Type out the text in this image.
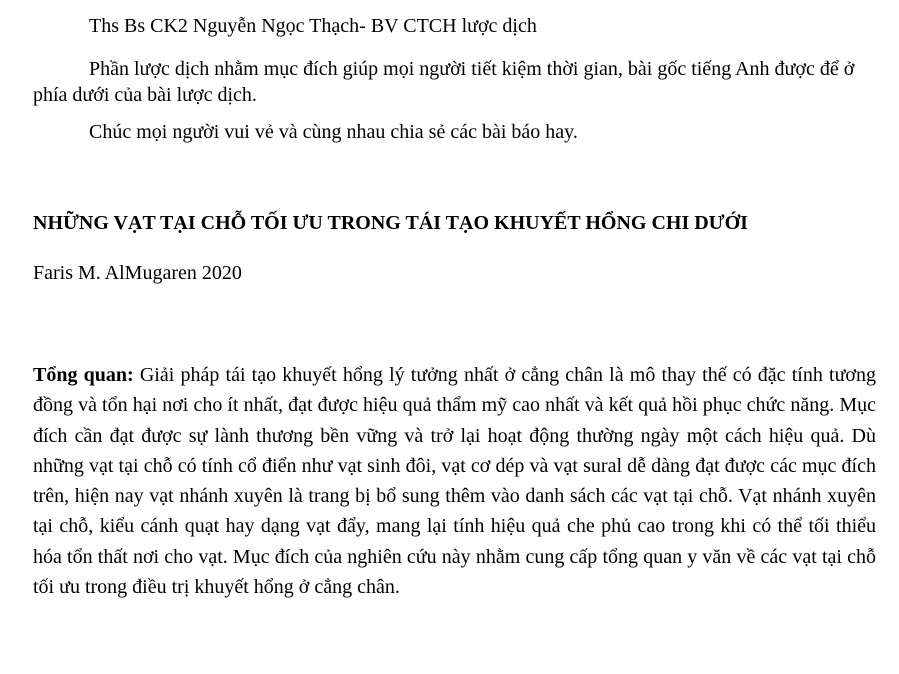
Ths Bs CK2 Nguyễn Ngọc Thạch- BV CTCH lược dịch

Phần lược dịch nhằm mục đích giúp mọi người tiết kiệm thời gian, bài gốc tiếng Anh được để ở phía dưới của bài lược dịch.

Chúc mọi người vui vẻ và cùng nhau chia sẻ các bài báo hay.

NHỮNG VẠT TẠI CHỖ TỐI ƯU TRONG TÁI TẠO KHUYẾT HỔNG CHI DƯỚI

Faris M. AlMugaren 2020

Tổng quan: Giải pháp tái tạo khuyết hổng lý tưởng nhất ở cẳng chân là mô thay thế có đặc tính tương đồng và tổn hại nơi cho ít nhất, đạt được hiệu quả thẩm mỹ cao nhất và kết quả hồi phục chức năng. Mục đích cần đạt được sự lành thương bền vững và trở lại hoạt động thường ngày một cách hiệu quả. Dù những vạt tại chỗ có tính cổ điển như vạt sinh đôi, vạt cơ dép và vạt sural dễ dàng đạt được các mục đích trên, hiện nay vạt nhánh xuyên là trang bị bổ sung thêm vào danh sách các vạt tại chỗ. Vạt nhánh xuyên tại chỗ, kiểu cánh quạt hay dạng vạt đẩy, mang lại tính hiệu quả che phủ cao trong khi có thể tối thiểu hóa tổn thất nơi cho vạt. Mục đích của nghiên cứu này nhằm cung cấp tổng quan y văn về các vạt tại chỗ tối ưu trong điều trị khuyết hổng ở cẳng chân.
